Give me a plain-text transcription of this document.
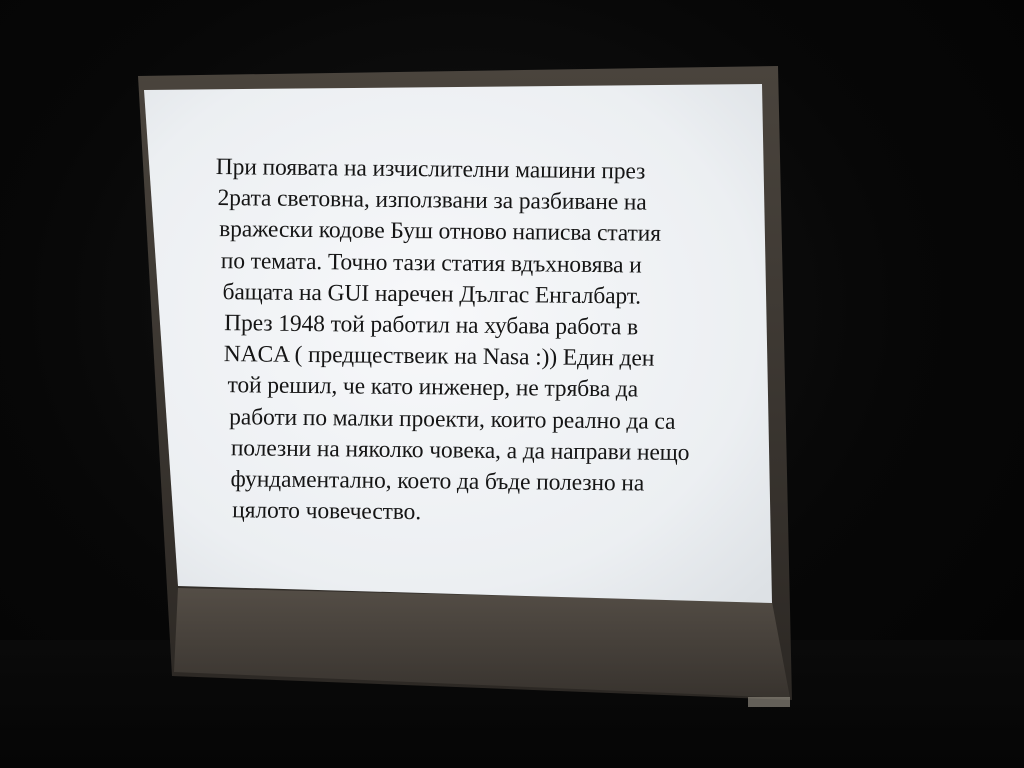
При появата на изчислителни машини през
2рата световна, използвани за разбиване на
вражески кодове Буш отново написва статия
по темата. Точно тази статия вдъхновява и
бащата на GUI наречен Дългас Енгалбарт.
През 1948 той работил на хубава работа в
NACA ( предществеик на Nasa :)) Един ден
той решил, че като инженер, не трябва да
работи по малки проекти, които реално да са
полезни на няколко човека, а да направи нещо
фундаментално, което да бъде полезно на
цялото човечество.
